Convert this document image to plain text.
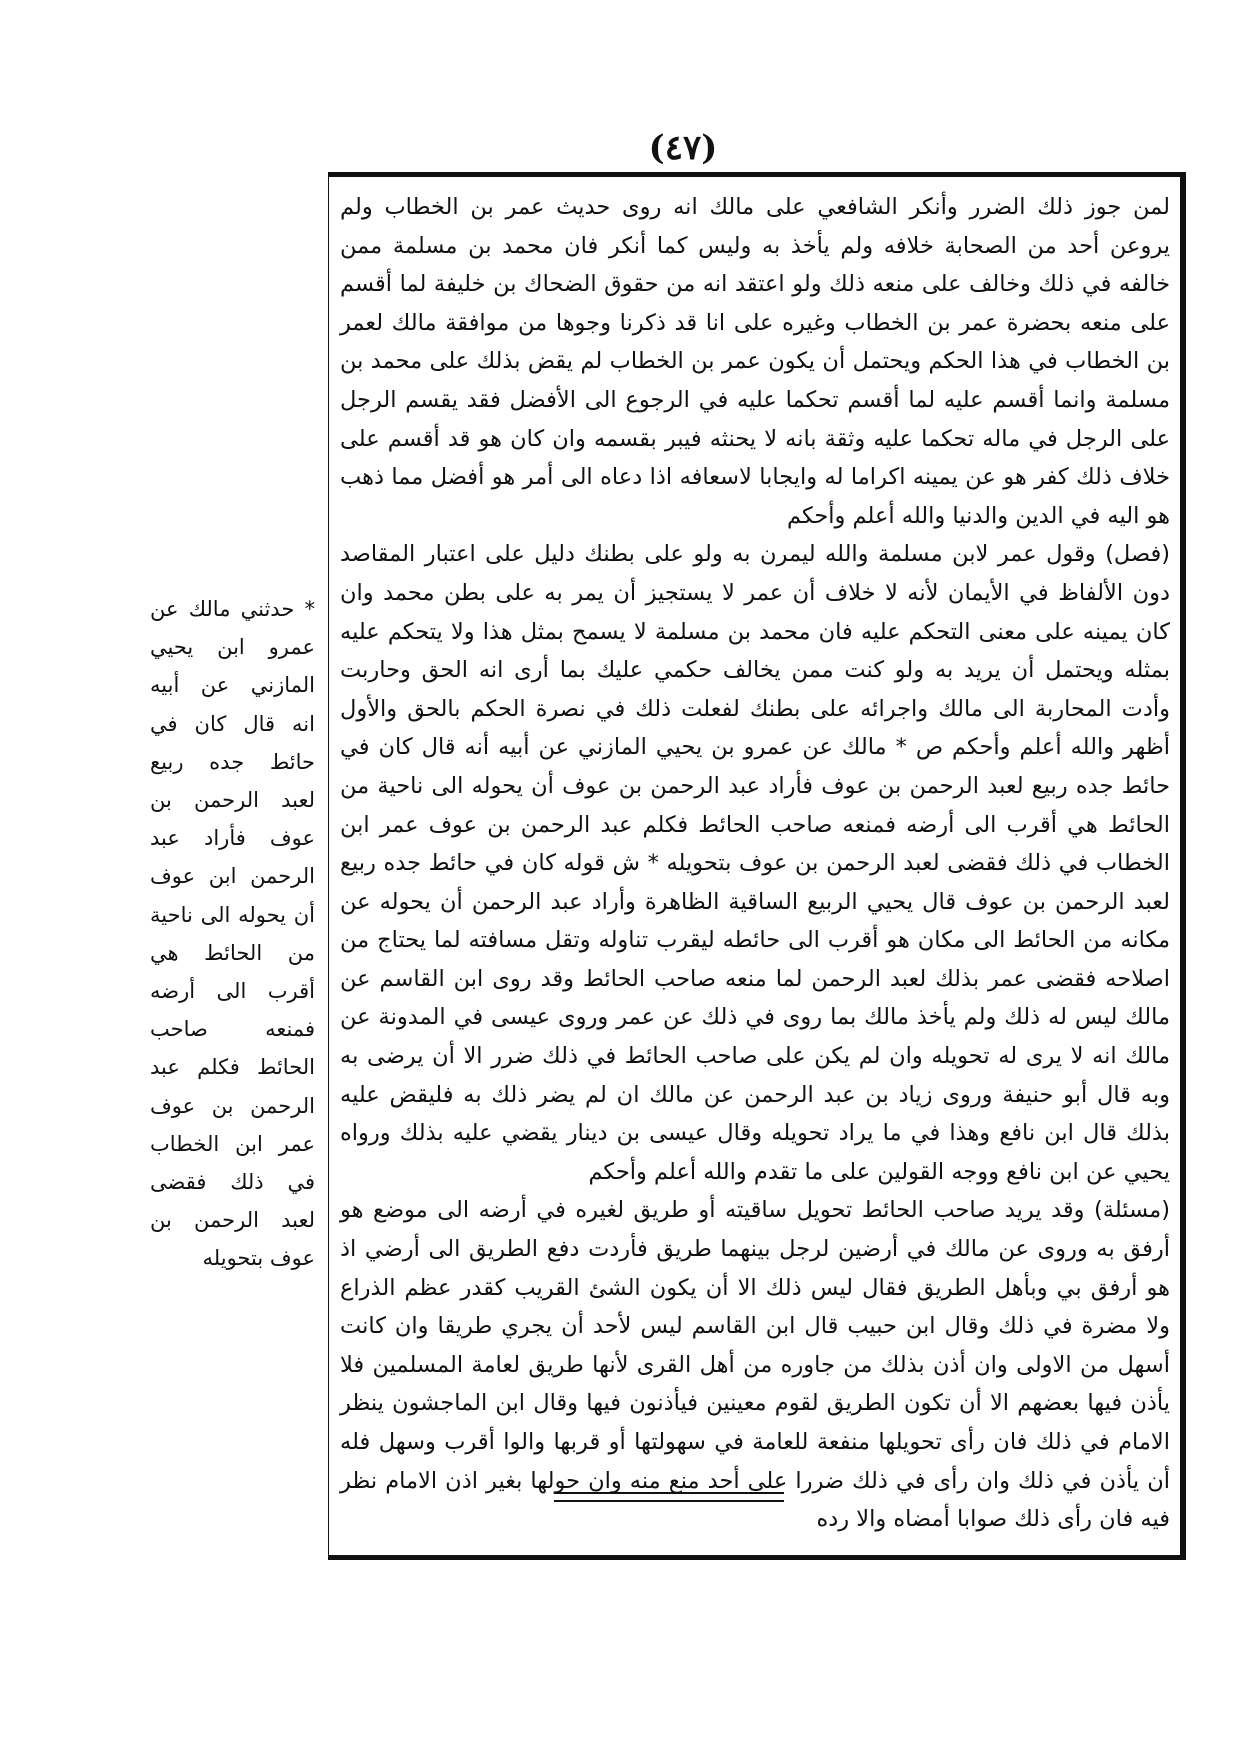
(٤٧)

لمن جوز ذلك الضرر وأنكر الشافعي على مالك انه روى حديث عمر بن الخطاب ولم يروعن أحد من الصحابة خلافه ولم يأخذ به وليس كما أنكر فان محمد بن مسلمة ممن خالفه في ذلك وخالف على منعه ذلك ولو اعتقد انه من حقوق الضحاك بن خليفة لما أقسم على منعه بحضرة عمر بن الخطاب وغيره على انا قد ذكرنا وجوها من موافقة مالك لعمر بن الخطاب في هذا الحكم ويحتمل أن يكون عمر بن الخطاب لم يقض بذلك على محمد بن مسلمة وانما أقسم عليه لما أقسم تحكما عليه في الرجوع الى الأفضل فقد يقسم الرجل على الرجل في ماله تحكما عليه وثقة بانه لا يحنثه فيبر بقسمه وان كان هو قد أقسم على خلاف ذلك كفر هو عن يمينه اكراما له وايجابا لاسعافه اذا دعاه الى أمر هو أفضل مما ذهب هو اليه في الدين والدنيا والله أعلم وأحكم

(فصل) وقول عمر لابن مسلمة والله ليمرن به ولو على بطنك دليل على اعتبار المقاصد دون الألفاظ في الأيمان لأنه لا خلاف أن عمر لا يستجيز أن يمر به على بطن محمد وان كان يمينه على معنى التحكم عليه فان محمد بن مسلمة لا يسمح بمثل هذا ولا يتحكم عليه بمثله ويحتمل أن يريد به ولو كنت ممن يخالف حكمي عليك بما أرى انه الحق وحاربت وأدت المحاربة الى مالك واجرائه على بطنك لفعلت ذلك في نصرة الحكم بالحق والأول أظهر والله أعلم وأحكم ص * مالك عن عمرو بن يحيي المازني عن أبيه أنه قال كان في حائط جده ربيع لعبد الرحمن بن عوف فأراد عبد الرحمن بن عوف أن يحوله الى ناحية من الحائط هي أقرب الى أرضه فمنعه صاحب الحائط فكلم عبد الرحمن بن عوف عمر ابن الخطاب في ذلك فقضى لعبد الرحمن بن عوف بتحويله * ش قوله كان في حائط جده ربيع لعبد الرحمن بن عوف قال يحيي الربيع الساقية الظاهرة وأراد عبد الرحمن أن يحوله عن مكانه من الحائط الى مكان هو أقرب الى حائطه ليقرب تناوله وتقل مسافته لما يحتاج من اصلاحه فقضى عمر بذلك لعبد الرحمن لما منعه صاحب الحائط وقد روى ابن القاسم عن مالك ليس له ذلك ولم يأخذ مالك بما روى في ذلك عن عمر وروى عيسى في المدونة عن مالك انه لا يرى له تحويله وان لم يكن على صاحب الحائط في ذلك ضرر الا أن يرضى به وبه قال أبو حنيفة وروى زياد بن عبد الرحمن عن مالك ان لم يضر ذلك به فليقض عليه بذلك قال ابن نافع وهذا في ما يراد تحويله وقال عيسى بن دينار يقضي عليه بذلك ورواه يحيي عن ابن نافع ووجه القولين على ما تقدم والله أعلم وأحكم

(مسئلة) وقد يريد صاحب الحائط تحويل ساقيته أو طريق لغيره في أرضه الى موضع هو أرفق به وروى عن مالك في أرضين لرجل بينهما طريق فأردت دفع الطريق الى أرضي اذ هو أرفق بي وبأهل الطريق فقال ليس ذلك الا أن يكون الشئ القريب كقدر عظم الذراع ولا مضرة في ذلك وقال ابن حبيب قال ابن القاسم ليس لأحد أن يجري طريقا وان كانت أسهل من الاولى وان أذن بذلك من جاوره من أهل القرى لأنها طريق لعامة المسلمين فلا يأذن فيها بعضهم الا أن تكون الطريق لقوم معينين فيأذنون فيها وقال ابن الماجشون ينظر الامام في ذلك فان رأى تحويلها منفعة للعامة في سهولتها أو قربها والوا أقرب وسهل فله أن يأذن في ذلك وان رأى في ذلك ضررا على أحد منع منه وان حولها بغير اذن الامام نظر فيه فان رأى ذلك صوابا أمضاه والا رده

* حدثني مالك عن عمرو ابن يحيي المازني عن أبيه انه قال كان في حائط جده ربيع لعبد الرحمن بن عوف فأراد عبد الرحمن ابن عوف أن يحوله الى ناحية من الحائط هي أقرب الى أرضه فمنعه صاحب الحائط فكلم عبد الرحمن بن عوف عمر ابن الخطاب في ذلك فقضى لعبد الرحمن بن عوف بتحويله
